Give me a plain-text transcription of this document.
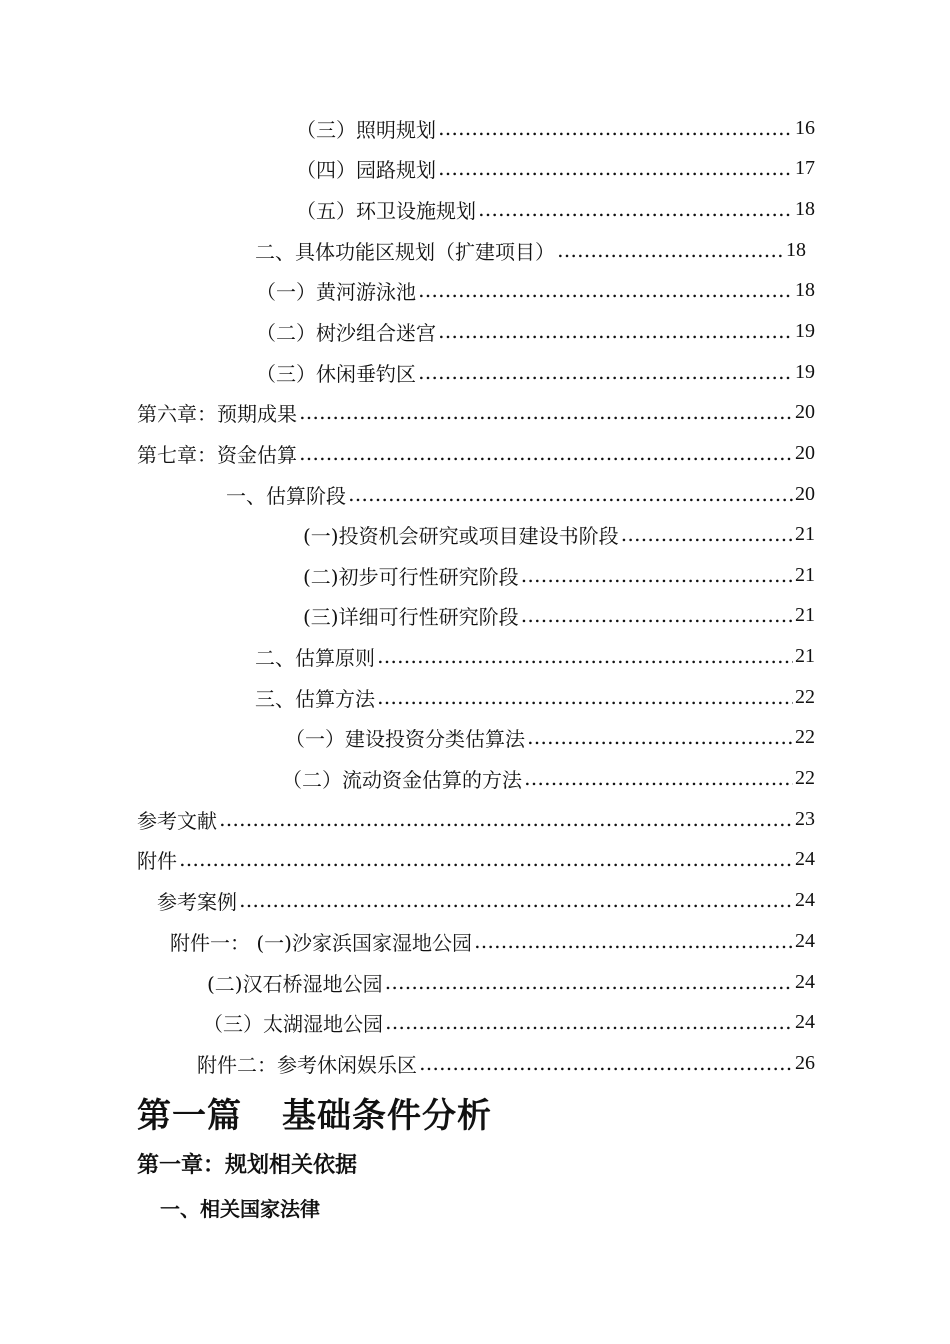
（三）照明规划 …………………………………………………………………………………………………………………………………………………………………………………………	16
（四）园路规划 …………………………………………………………………………………………………………………………………………………………………………………………	17
（五）环卫设施规划 …………………………………………………………………………………………………………………………………………………………………………………………	18
二、具体功能区规划（扩建项目） …………………………………………………………………………………………………………………………………………………………………………………………	18
（一）黄河游泳池 …………………………………………………………………………………………………………………………………………………………………………………………	18
（二）树沙组合迷宫 …………………………………………………………………………………………………………………………………………………………………………………………	19
（三）休闲垂钓区 …………………………………………………………………………………………………………………………………………………………………………………………	19
第六章：预期成果 …………………………………………………………………………………………………………………………………………………………………………………………	20
第七章：资金估算 …………………………………………………………………………………………………………………………………………………………………………………………	20
一、估算阶段 …………………………………………………………………………………………………………………………………………………………………………………………	20
(一)投资机会研究或项目建设书阶段 …………………………………………………………………………………………………………………………………………………………………………………………	21
(二)初步可行性研究阶段 …………………………………………………………………………………………………………………………………………………………………………………………	21
(三)详细可行性研究阶段 …………………………………………………………………………………………………………………………………………………………………………………………	21
二、估算原则 …………………………………………………………………………………………………………………………………………………………………………………………	21
三、估算方法 …………………………………………………………………………………………………………………………………………………………………………………………	22
（一）建设投资分类估算法 …………………………………………………………………………………………………………………………………………………………………………………………	22
（二）流动资金估算的方法 …………………………………………………………………………………………………………………………………………………………………………………………	22
参考文献 …………………………………………………………………………………………………………………………………………………………………………………………	23
附件 …………………………………………………………………………………………………………………………………………………………………………………………	24
参考案例 …………………………………………………………………………………………………………………………………………………………………………………………	24
附件一： (一)沙家浜国家湿地公园 …………………………………………………………………………………………………………………………………………………………………………………………	24
(二)汉石桥湿地公园 …………………………………………………………………………………………………………………………………………………………………………………………	24
（三）太湖湿地公园 …………………………………………………………………………………………………………………………………………………………………………………………	24
附件二：参考休闲娱乐区 …………………………………………………………………………………………………………………………………………………………………………………………	26
第一篇 基础条件分析
第一章：规划相关依据
一、相关国家法律
